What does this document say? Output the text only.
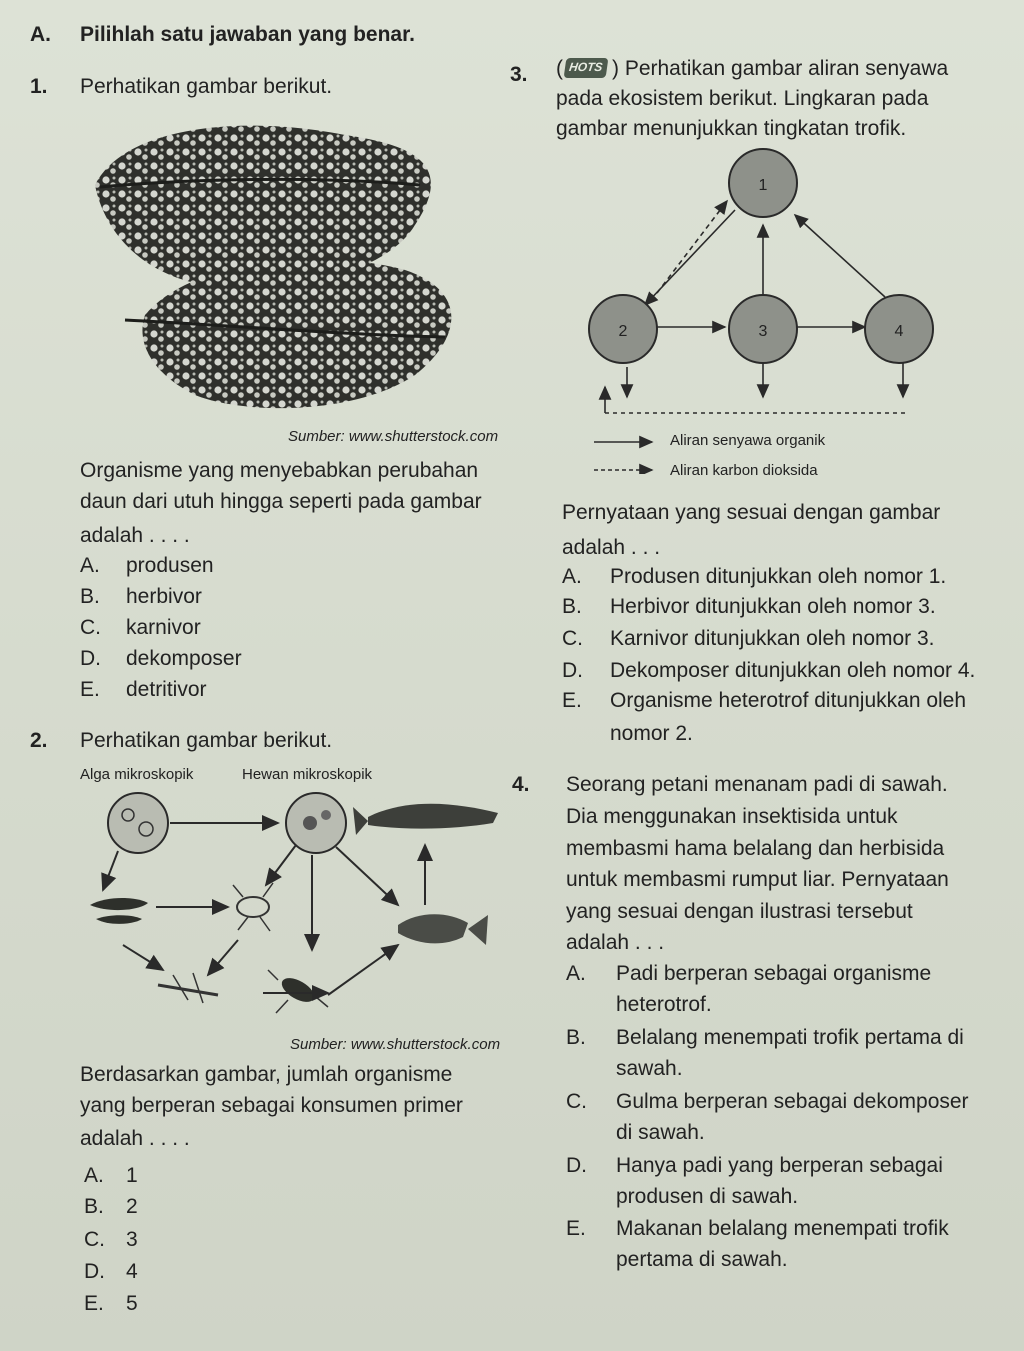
A. Pilihlah satu jawaban yang benar.
1. Perhatikan gambar berikut.
Sumber: www.shutterstock.com
Organisme yang menyebabkan perubahan
daun dari utuh hingga seperti pada gambar
adalah . . . .
A. produsen
B. herbivor
C. karnivor
D. dekomposer
E. detritivor
2. Perhatikan gambar berikut.
Alga mikroskopik	Hewan mikroskopik
Sumber: www.shutterstock.com
Berdasarkan gambar, jumlah organisme
yang berperan sebagai konsumen primer
adalah . . . .
A. 1
B. 2
C. 3
D. 4
E. 5
3. ( HOTS ) Perhatikan gambar aliran senyawa
pada ekosistem berikut. Lingkaran pada
gambar menunjukkan tingkatan trofik.
1
2	3	4
Aliran senyawa organik
Aliran karbon dioksida
Pernyataan yang sesuai dengan gambar
adalah . . .
A. Produsen ditunjukkan oleh nomor 1.
B. Herbivor ditunjukkan oleh nomor 3.
C. Karnivor ditunjukkan oleh nomor 3.
D. Dekomposer ditunjukkan oleh nomor 4.
E. Organisme heterotrof ditunjukkan oleh
nomor 2.
4. Seorang petani menanam padi di sawah.
Dia menggunakan insektisida untuk
membasmi hama belalang dan herbisida
untuk membasmi rumput liar. Pernyataan
yang sesuai dengan ilustrasi tersebut
adalah . . .
A. Padi berperan sebagai organisme
heterotrof.
B. Belalang menempati trofik pertama di
sawah.
C. Gulma berperan sebagai dekomposer
di sawah.
D. Hanya padi yang berperan sebagai
produsen di sawah.
E. Makanan belalang menempati trofik
pertama di sawah.
